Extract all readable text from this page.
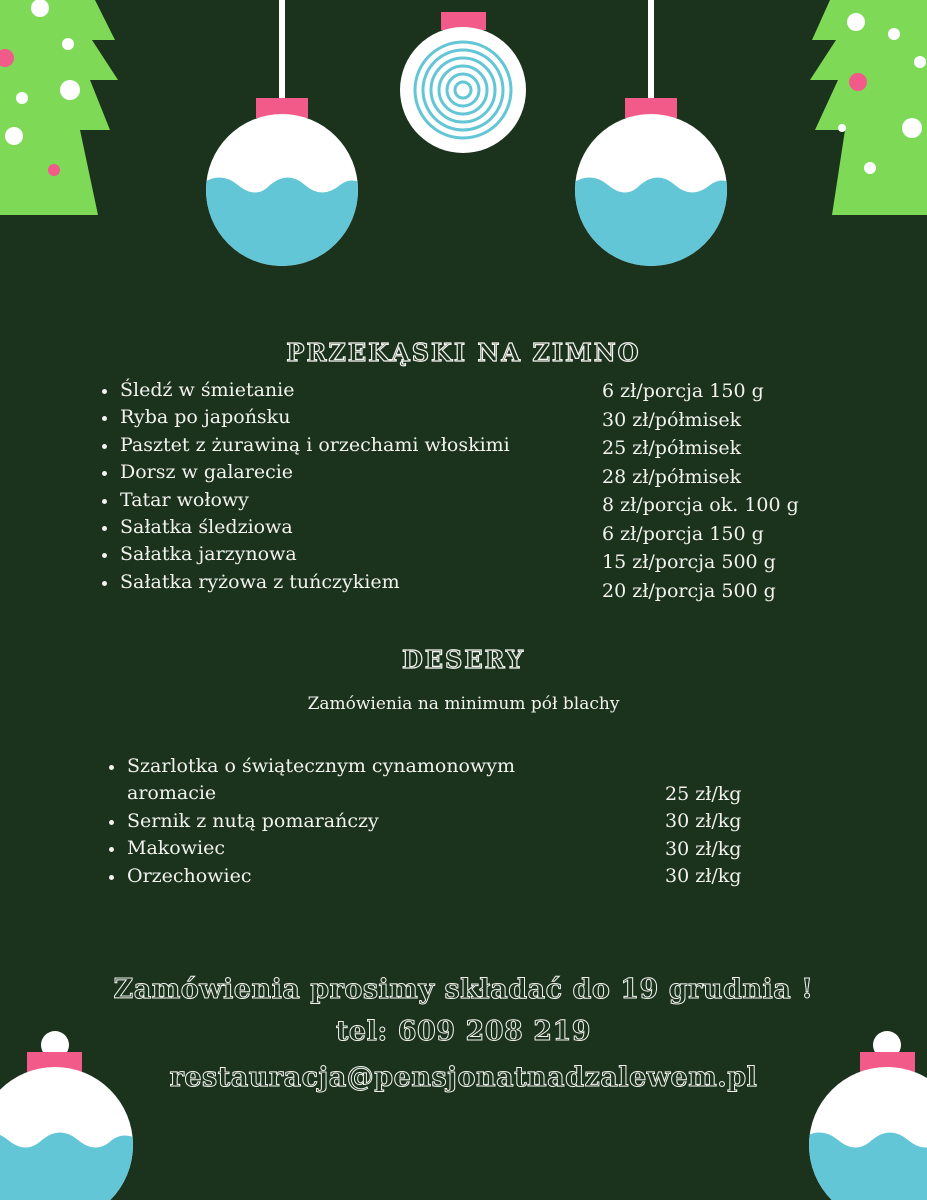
PRZEKĄSKI NA ZIMNO
Śledź w śmietanie
Ryba po japońsku
Pasztet z żurawiną i orzechami włoskimi
Dorsz w galarecie
Tatar wołowy
Sałatka śledziowa
Sałatka jarzynowa
Sałatka ryżowa z tuńczykiem
6 zł/porcja 150 g
30 zł/półmisek
25 zł/półmisek
28 zł/półmisek
8 zł/porcja ok. 100 g
6 zł/porcja 150 g
15 zł/porcja 500 g
20 zł/porcja 500 g
DESERY
Zamówienia na minimum pół blachy
Szarlotka o świątecznym cynamonowym
aromacie
Sernik z nutą pomarańczy
Makowiec
Orzechowiec
25 zł/kg
30 zł/kg
30 zł/kg
30 zł/kg
Zamówienia prosimy składać do 19 grudnia !
tel: 609 208 219
restauracja@pensjonatnadzalewem.pl
